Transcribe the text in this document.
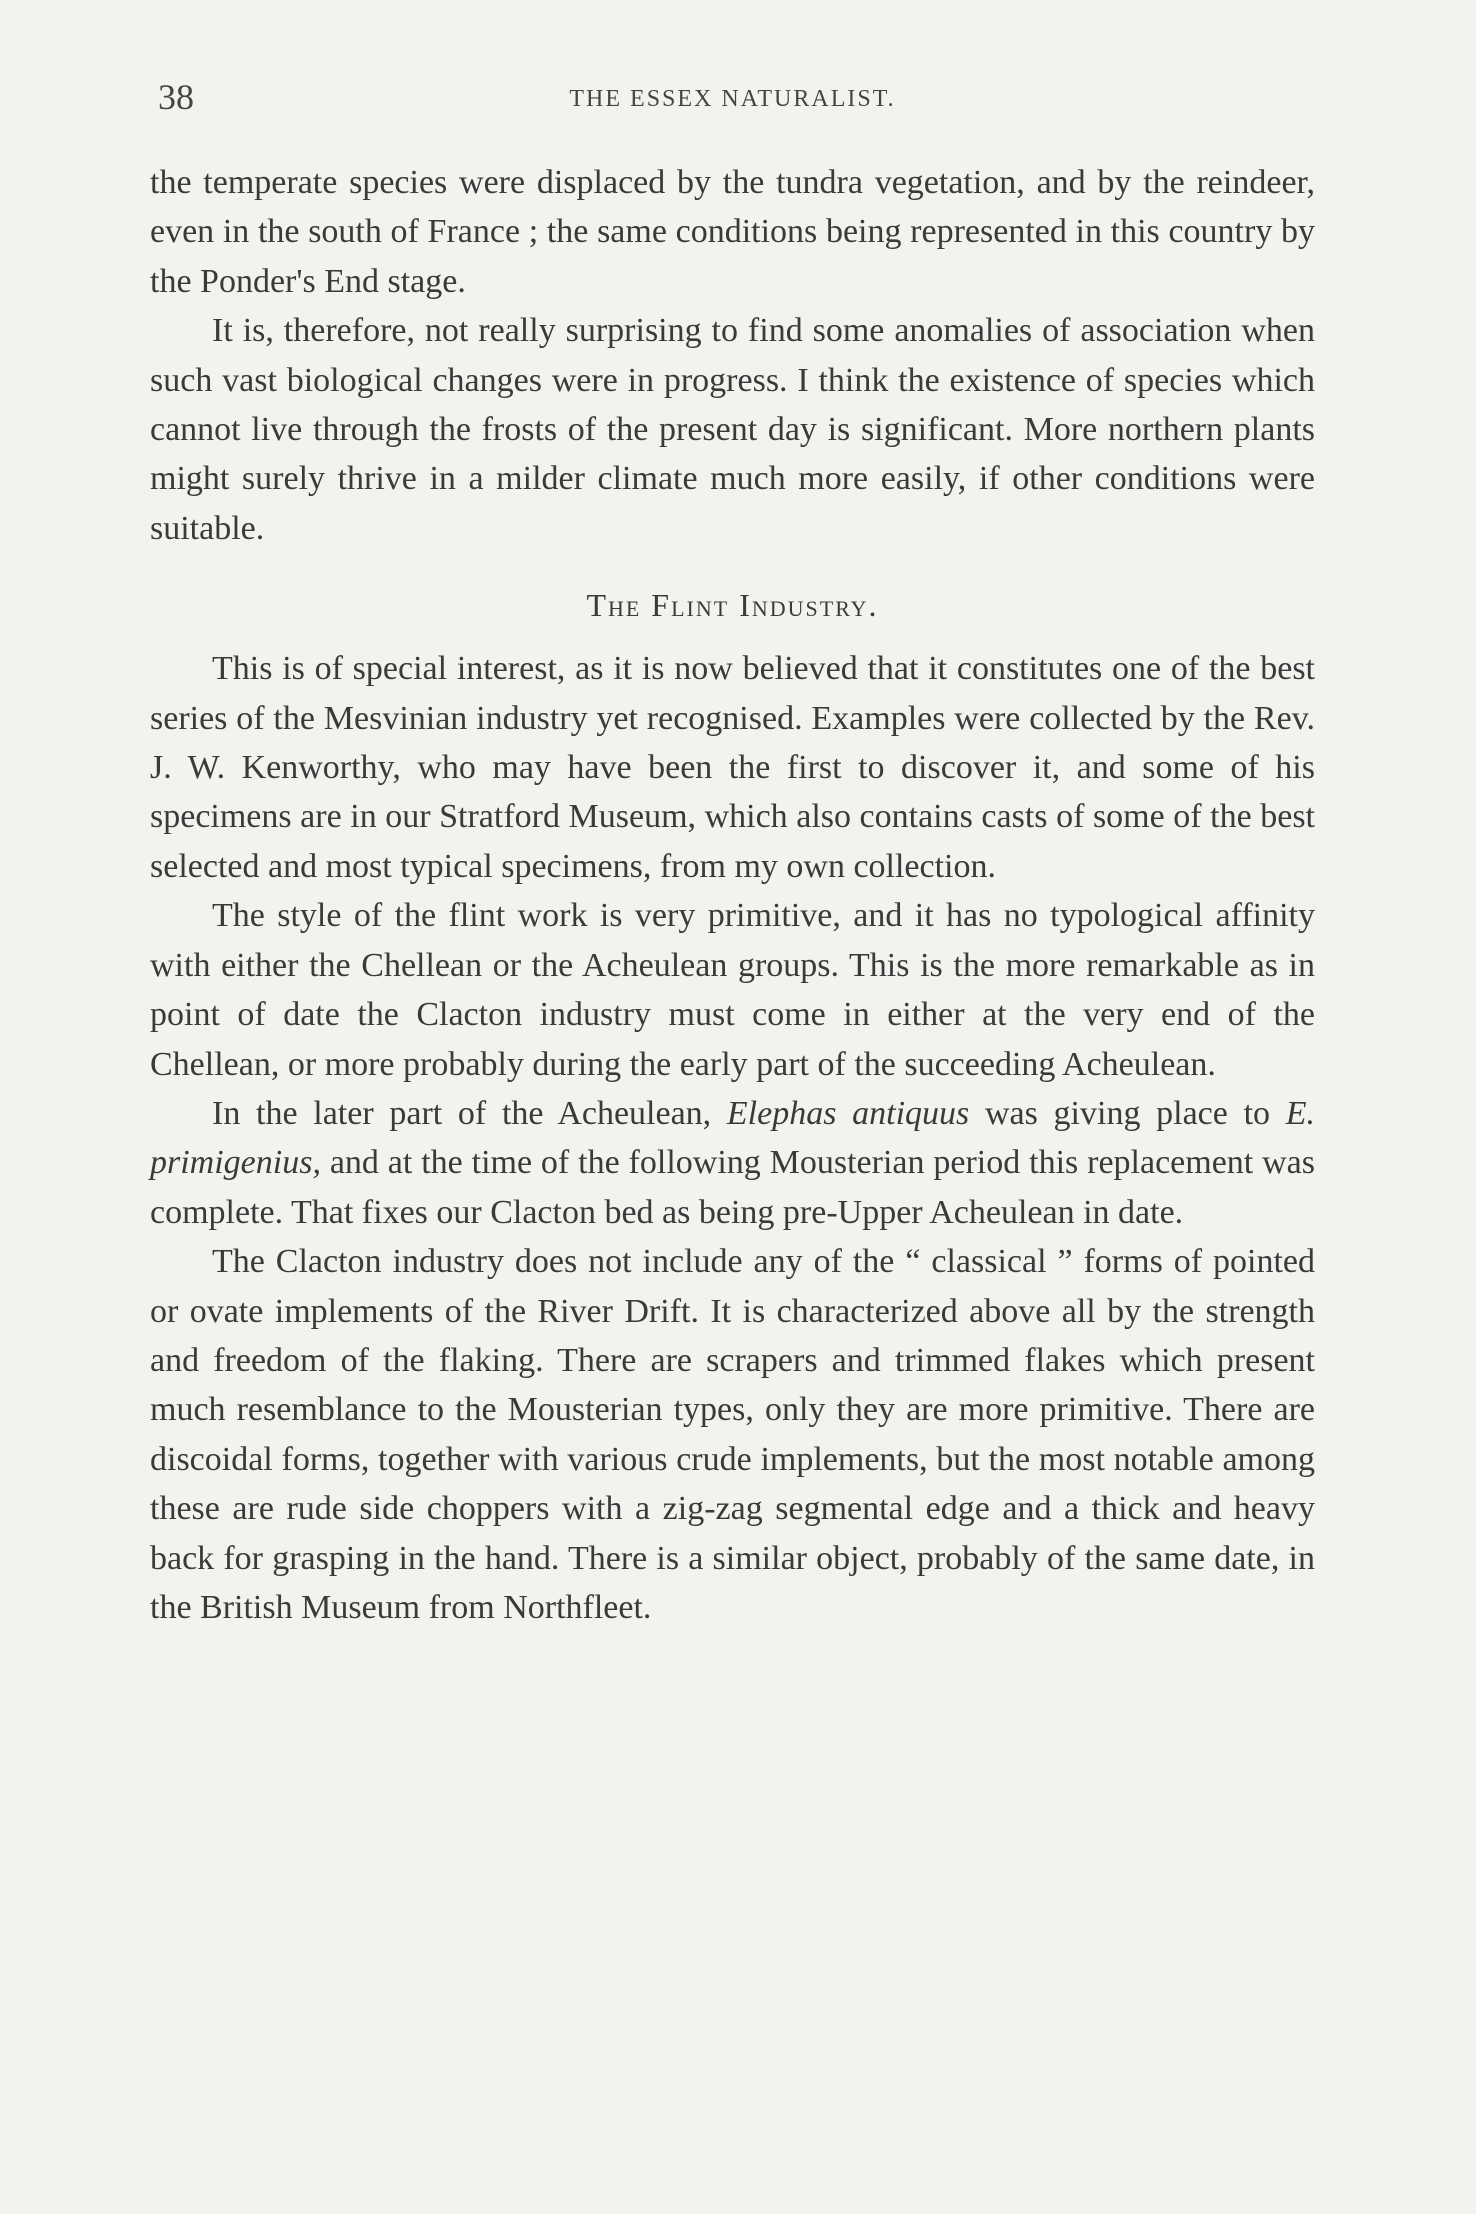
38	THE ESSEX NATURALIST.

the temperate species were displaced by the tundra vegetation, and by the reindeer, even in the south of France ; the same conditions being represented in this country by the Ponder's End stage.

It is, therefore, not really surprising to find some anomalies of association when such vast biological changes were in progress. I think the existence of species which cannot live through the frosts of the present day is significant. More northern plants might surely thrive in a milder climate much more easily, if other conditions were suitable.

The Flint Industry.

This is of special interest, as it is now believed that it constitutes one of the best series of the Mesvinian industry yet recognised. Examples were collected by the Rev. J. W. Kenworthy, who may have been the first to discover it, and some of his specimens are in our Stratford Museum, which also contains casts of some of the best selected and most typical specimens, from my own collection.

The style of the flint work is very primitive, and it has no typological affinity with either the Chellean or the Acheulean groups. This is the more remarkable as in point of date the Clacton industry must come in either at the very end of the Chellean, or more probably during the early part of the succeeding Acheulean.

In the later part of the Acheulean, Elephas antiquus was giving place to E. primigenius, and at the time of the following Mousterian period this replacement was complete. That fixes our Clacton bed as being pre-Upper Acheulean in date.

The Clacton industry does not include any of the “ classical ” forms of pointed or ovate implements of the River Drift. It is characterized above all by the strength and freedom of the flaking. There are scrapers and trimmed flakes which present much resemblance to the Mousterian types, only they are more primitive. There are discoidal forms, together with various crude implements, but the most notable among these are rude side choppers with a zig-zag segmental edge and a thick and heavy back for grasping in the hand. There is a similar object, probably of the same date, in the British Museum from Northfleet.
